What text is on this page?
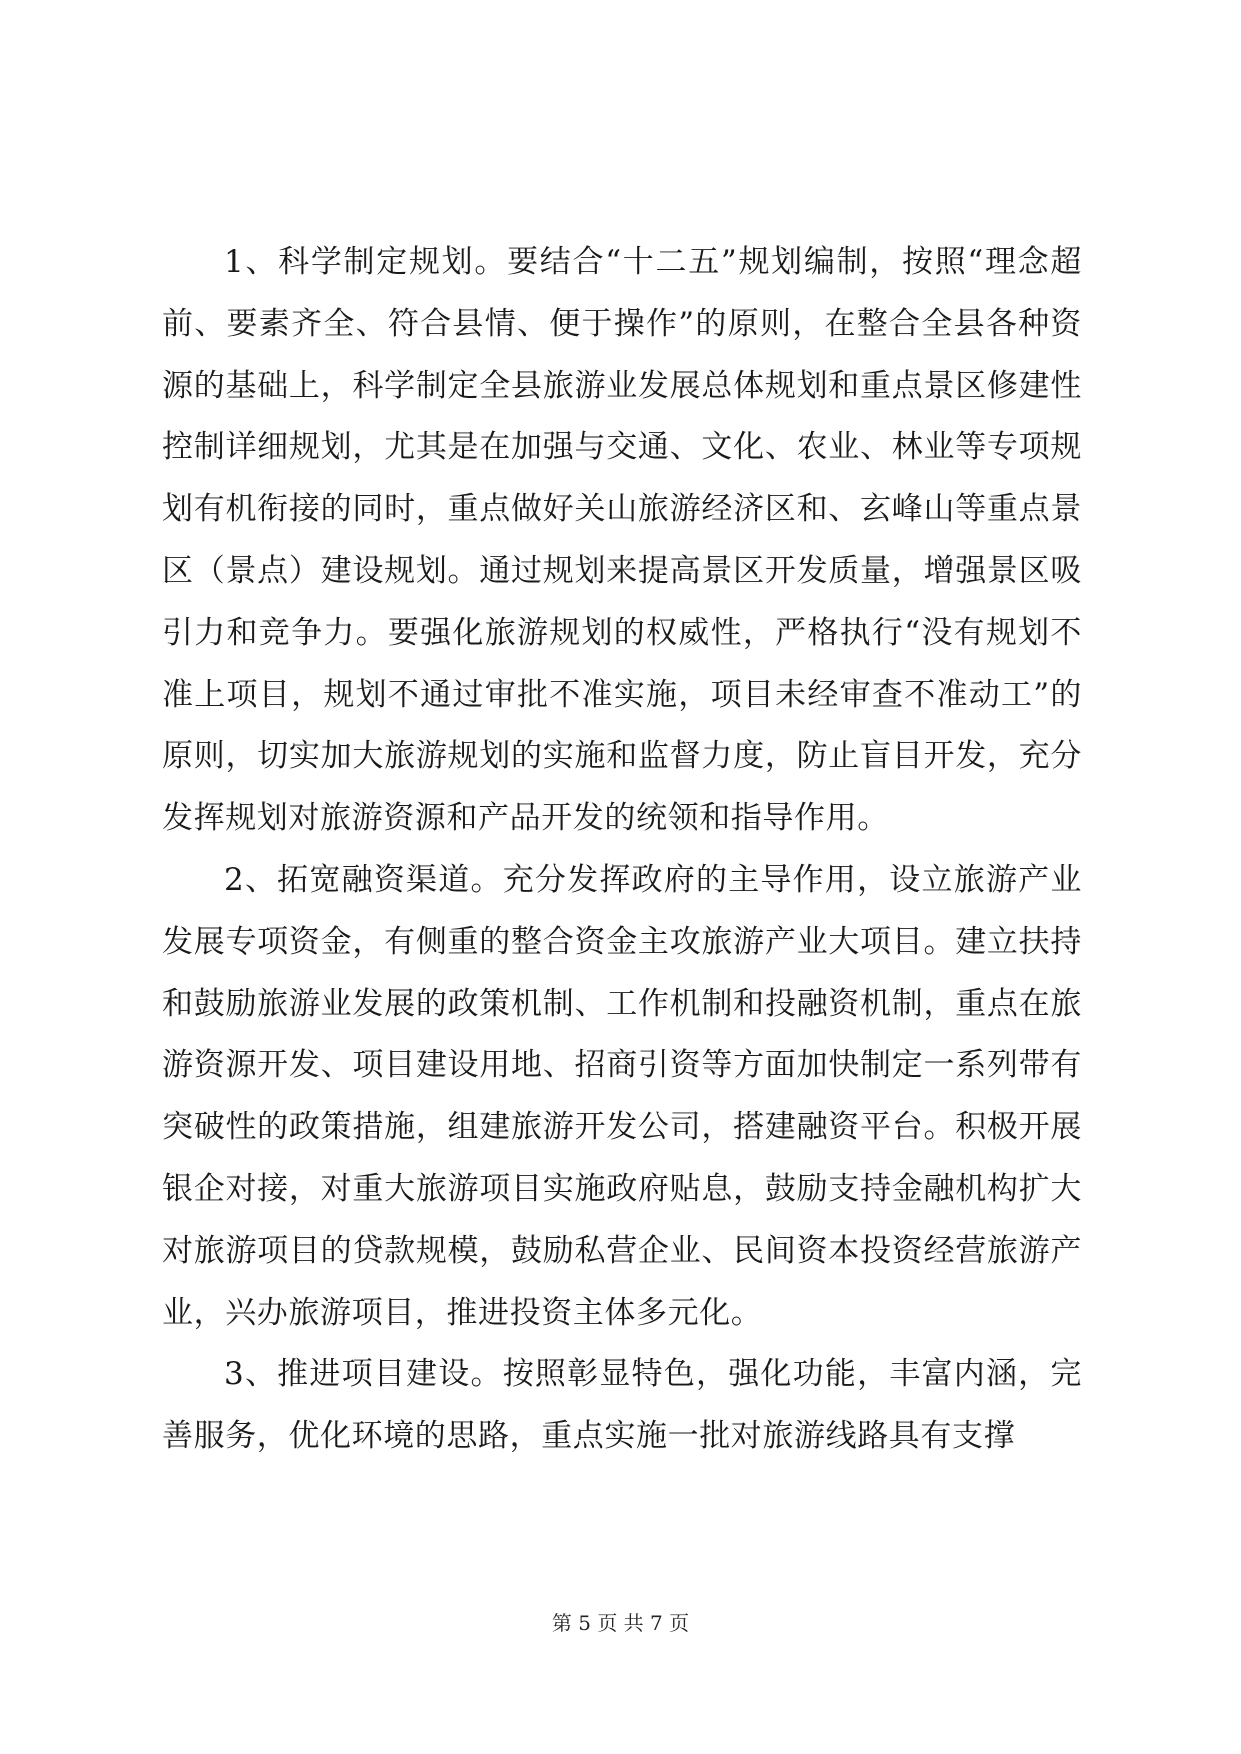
1、科学制定规划。要结合“十二五”规划编制，按照“理念超前、要素齐全、符合县情、便于操作”的原则，在整合全县各种资源的基础上，科学制定全县旅游业发展总体规划和重点景区修建性控制详细规划，尤其是在加强与交通、文化、农业、林业等专项规划有机衔接的同时，重点做好关山旅游经济区和、玄峰山等重点景区（景点）建设规划。通过规划来提高景区开发质量，增强景区吸引力和竞争力。要强化旅游规划的权威性，严格执行“没有规划不准上项目，规划不通过审批不准实施，项目未经审查不准动工”的原则，切实加大旅游规划的实施和监督力度，防止盲目开发，充分发挥规划对旅游资源和产品开发的统领和指导作用。

2、拓宽融资渠道。充分发挥政府的主导作用，设立旅游产业发展专项资金，有侧重的整合资金主攻旅游产业大项目。建立扶持和鼓励旅游业发展的政策机制、工作机制和投融资机制，重点在旅游资源开发、项目建设用地、招商引资等方面加快制定一系列带有突破性的政策措施，组建旅游开发公司，搭建融资平台。积极开展银企对接，对重大旅游项目实施政府贴息，鼓励支持金融机构扩大对旅游项目的贷款规模，鼓励私营企业、民间资本投资经营旅游产业，兴办旅游项目，推进投资主体多元化。

3、推进项目建设。按照彰显特色，强化功能，丰富内涵，完善服务，优化环境的思路，重点实施一批对旅游线路具有支撑

第 5 页 共 7 页
